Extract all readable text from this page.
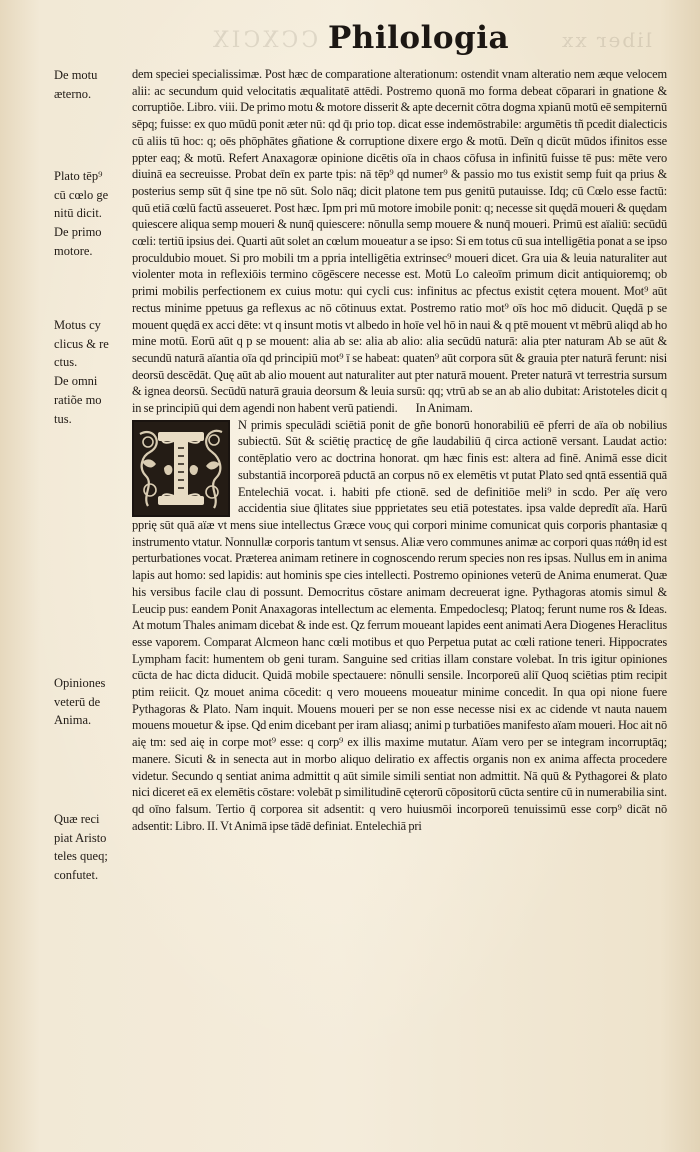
liber xx
CCXCIX Philologia
De motu
æterno.
Plato tēp⁹
cū cœlo ge
nitū dicit.
De primo
motore.
Motus cy
clicus & re
ctus.
De omni
ratiõe mo
tus.
Opiniones
veterū de
Anima.
Quæ reci
piat Aristo
teles queq;
confutet.

dem speciei specialissimæ. Post hæc de comparatione alterationum: ostendit vnam alteratio nem æque velocem alii: ac secundum quid velocitatis æqualitatē attēdi. Postremo quonā mo forma debeat cōparari in gnatione & corruptiõe. Libro. viii. De primo motu & motore disserit & apte decernit cōtra dogma xpianū motū eē sempiternū sēpq; fuisse: ex quo mūdū ponit æter nū: qd q̄ı prio top. dicat esse indemōstrabile: argumētis tñ pcedit dialecticis cū aliis tū hoc: q; oēs phōphātes gñatione & corruptione dixere ergo & motū. Deīn q dicūt mūdos ifinitos esse ppter eaq; & motū. Refert Anaxagoræ opinione dicētis oīa in chaos cōfusa in infinitū fuisse tē pus: mēte vero diuinā ea secreuisse. Probat deīn ex parte tpis: nā tēp⁹ qd numer⁹ & passio mo tus existit semp fuit qa prius & posterius semp sūt q̄ sine tpe nō sūt. Solo nāq; dicit platone tem pus genitū putauisse. Idq; cū Cœlo esse factū: quū etiā cœlū factū asseueret. Post hæc. Ipm pri mū motore imobile ponit: q; necesse sit quędā moueri & quędam quiescere aliqua semp moueri & nunq̄ quiescere: nōnulla semp mouere & nunq̄ moueri. Primū est aïaliū: secūdū cœli: tertiū ipsius dei. Quarti aūt solet an cœlum moueatur a se ipso: Si em totus cū sua intelligētia ponat a se ipso proculdubio mouet. Si pro mobili tm a ppria intelligētia extrinsec⁹ moueri dicet. Gra uia & leuia naturaliter aut violenter mota in reflexiōis termino cōgēscere necesse est. Motū Lo caleoīm primum dicit antiquioremq; ob primi mobilis perfectionem ex cuius motu: qui cycli cus: infinitus ac pfectus existit cętera mouent. Mot⁹ aūt rectus minime ppetuus ga reflexus ac nō cōtinuus extat. Postremo ratio mot⁹ oīs hoc mō diducit. Quędā p se mouent quędā ex acci dēte: vt q insunt motis vt albedo in hoīe vel hō in naui & q ptē mouent vt mēbrū aliqd ab ho mine motū. Eorū aūt q p se mouent: alia ab se: alia ab alio: alia secūdū naturā: alia pter naturam Ab se aūt & secundū naturā aïantia oīa qd principiū mot⁹ ī se habeat: quaten⁹ aūt corpora sūt & grauia pter naturā ferunt: nisi deorsū descēdāt. Quę aūt ab alio mouent aut naturaliter aut pter naturā mouent. Preter naturā vt terrestria sursum & ignea deorsū. Secūdū naturā grauia deorsum & leuia sursū: qq; vtrū ab se an ab alio dubitat: Aristoteles dicit q in se principiū qui dem agendi non habent verū patiendi. In Animam.

N primis speculādi sciētiā ponit de gñe bonorū honorabiliū eē pferri de aïa ob nobilius subiectū. Sūt & sciētię practicę de gñe laudabiliū q̄ circa actionē versant. Laudat actio: contēplatio vero ac doctrina honorat. qm hæc finis est: altera ad finē. Animā esse dicit substantiā incorporeā pductā an corpus nō ex elemētis vt putat Plato sed qntā essentiā quā Entelechiā vocat. i. habiti pfe ctionē. sed de definitiōe meli⁹ in scdo. Per aïę vero accidentia siue q̄litates siue ppprietates seu etiā potestates. ipsa valde depredīt aïa. Harū pprię sūt quā aïæ vt mens siue intellectus Græce νους qui corpori minime comunicat quis corporis phantasiæ q instrumento vtatur. Nonnullæ corporis tantum vt sensus. Aliæ vero communes animæ ac corpori quas πάθη id est perturbationes vocat. Præterea animam retinere in cognoscendo rerum species non res ipsas. Nullus em in anima lapis aut homo: sed lapidis: aut hominis spe cies intellecti. Postremo opiniones veterū de Anima enumerat. Quæ his versibus facile clau di possunt. Democritus cōstare animam decreuerat igne. Pythagoras atomis simul & Leucip pus: eandem Ponit Anaxagoras intellectum ac elementa. Empedoclesq; Platoq; ferunt nume ros & Ideas. At motum Thales animam dicebat & inde est. Qz ferrum moueant lapides eent animati Aera Diogenes Heraclitus esse vaporem. Comparat Alcmeon hanc cœli motibus et quo Perpetua putat ac cœli ratione teneri. Hippocrates Lympham facit: humentem ob geni turam. Sanguine sed critias illam constare volebat. In tris igitur opiniones cūcta de hac dicta diducit. Quidā mobile spectauere: nōnulli sensile. Incorporeū aliī Quoq sciētias ptim recipit ptim reiicit. Qz mouet anima cōcedit: q vero moueens moueatur minime concedit. In qua opi nione fuere Pythagoras & Plato. Nam inquit. Mouens moueri per se non esse necesse nisi ex ac cidende vt nauta nauem mouens mouetur & ipse. Qd enim dicebant per iram aliasq; animi p turbatiōes manifesto aïam moueri. Hoc ait nō aię tm: sed aię in corpe mot⁹ esse: q corp⁹ ex illis maxime mutatur. Aïam vero per se integram incorruptāq; manere. Sicuti & in senecta aut in morbo aliquo deliratio ex affectis organis non ex anima affecta procedere videtur. Secundo q sentiat anima admittit q aūt simile simili sentiat non admittit. Nā quū & Pythagorei & plato nici diceret eā ex elemētis cōstare: volebāt p similitudinē cęterorū cōpositorū cūcta sentire cū in numerabilia sint. qd oīno falsum. Tertio q̄ corporea sit adsentit: q vero huiusmōi incorporeū tenuissimū esse corp⁹ dicāt nō adsentit: Libro. II. Vt Animā ipse tādē definiat. Entelechiā pri
